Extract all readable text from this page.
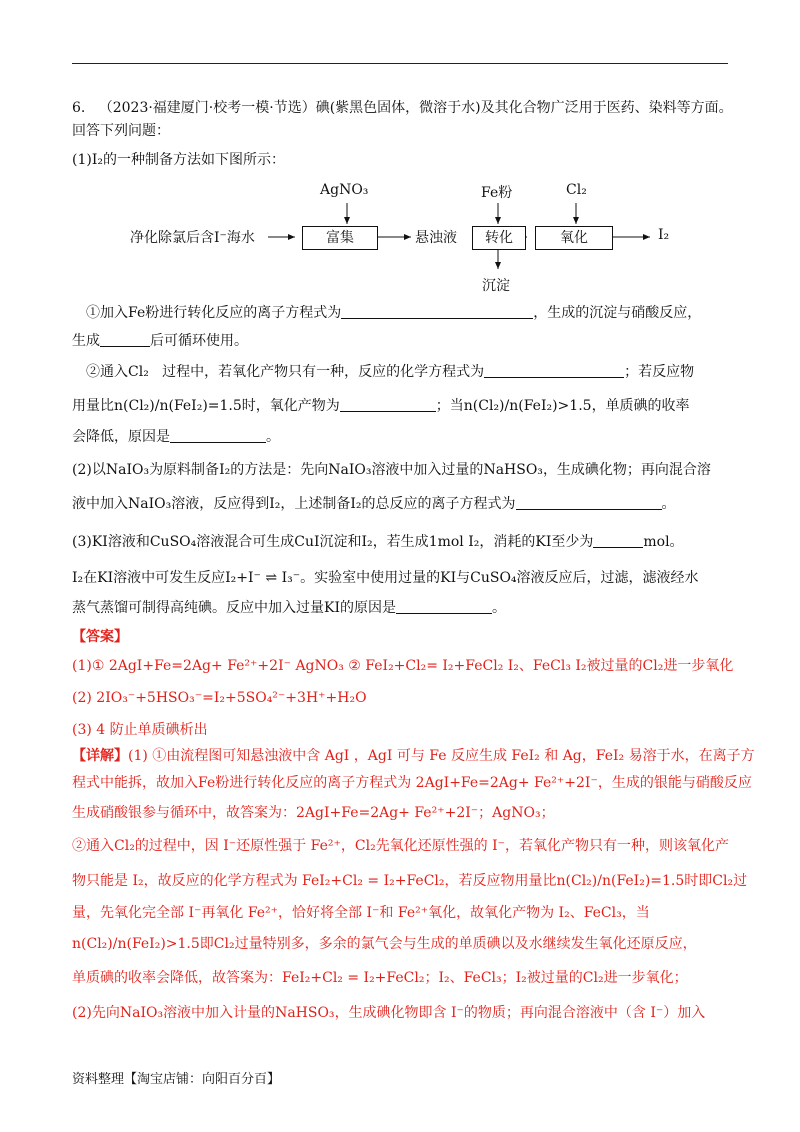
6. （2023·福建厦门·校考一模·节选）碘(紫黑色固体，微溶于水)及其化合物广泛用于医药、染料等方面。
回答下列问题：
(1)I₂的一种制备方法如下图所示：
净化除氯后含I⁻海水
AgNO₃
富集	悬浊液
Fe粉
转化
沉淀
Cl₂
氧化	I₂
①加入Fe粉进行转化反应的离子方程式为	，生成的沉淀与硝酸反应，
生成	后可循环使用。
②通入Cl₂ 过程中，若氧化产物只有一种，反应的化学方程式为	；若反应物
用量比n(Cl₂)/n(FeI₂)=1.5时，氧化产物为	；当n(Cl₂)/n(FeI₂)>1.5，单质碘的收率
会降低，原因是	。
(2)以NaIO₃为原料制备I₂的方法是：先向NaIO₃溶液中加入过量的NaHSO₃，生成碘化物；再向混合溶
液中加入NaIO₃溶液，反应得到I₂，上述制备I₂的总反应的离子方程式为	。
(3)KI溶液和CuSO₄溶液混合可生成CuI沉淀和I₂，若生成1mol I₂，消耗的KI至少为	mol。
I₂在KI溶液中可发生反应I₂+I⁻ ⇌ I₃⁻。实验室中使用过量的KI与CuSO₄溶液反应后，过滤，滤液经水
蒸气蒸馏可制得高纯碘。反应中加入过量KI的原因是	。
【答案】
(1)① 2AgI+Fe=2Ag+ Fe²⁺+2I⁻ AgNO₃ ② FeI₂+Cl₂= I₂+FeCl₂ I₂、FeCl₃ I₂被过量的Cl₂进一步氧化
(2) 2IO₃⁻+5HSO₃⁻=I₂+5SO₄²⁻+3H⁺+H₂O
(3) 4 防止单质碘析出
【详解】(1) ①由流程图可知悬浊液中含 AgI ，AgI 可与 Fe 反应生成 FeI₂ 和 Ag，FeI₂ 易溶于水，在离子方
程式中能拆，故加入Fe粉进行转化反应的离子方程式为 2AgI+Fe=2Ag+ Fe²⁺+2I⁻，生成的银能与硝酸反应
生成硝酸银参与循环中，故答案为：2AgI+Fe=2Ag+ Fe²⁺+2I⁻；AgNO₃；
②通入Cl₂的过程中，因 I⁻还原性强于 Fe²⁺，Cl₂先氧化还原性强的 I⁻，若氧化产物只有一种，则该氧化产
物只能是 I₂，故反应的化学方程式为 FeI₂+Cl₂ = I₂+FeCl₂，若反应物用量比n(Cl₂)/n(FeI₂)=1.5时即Cl₂过
量，先氧化完全部 I⁻再氧化 Fe²⁺，恰好将全部 I⁻和 Fe²⁺氧化，故氧化产物为 I₂、FeCl₃，当
n(Cl₂)/n(FeI₂)>1.5即Cl₂过量特别多，多余的氯气会与生成的单质碘以及水继续发生氧化还原反应，
单质碘的收率会降低，故答案为：FeI₂+Cl₂ = I₂+FeCl₂；I₂、FeCl₃；I₂被过量的Cl₂进一步氧化；
(2)先向NaIO₃溶液中加入计量的NaHSO₃，生成碘化物即含 I⁻的物质；再向混合溶液中（含 I⁻）加入
资料整理【淘宝店铺：向阳百分百】
